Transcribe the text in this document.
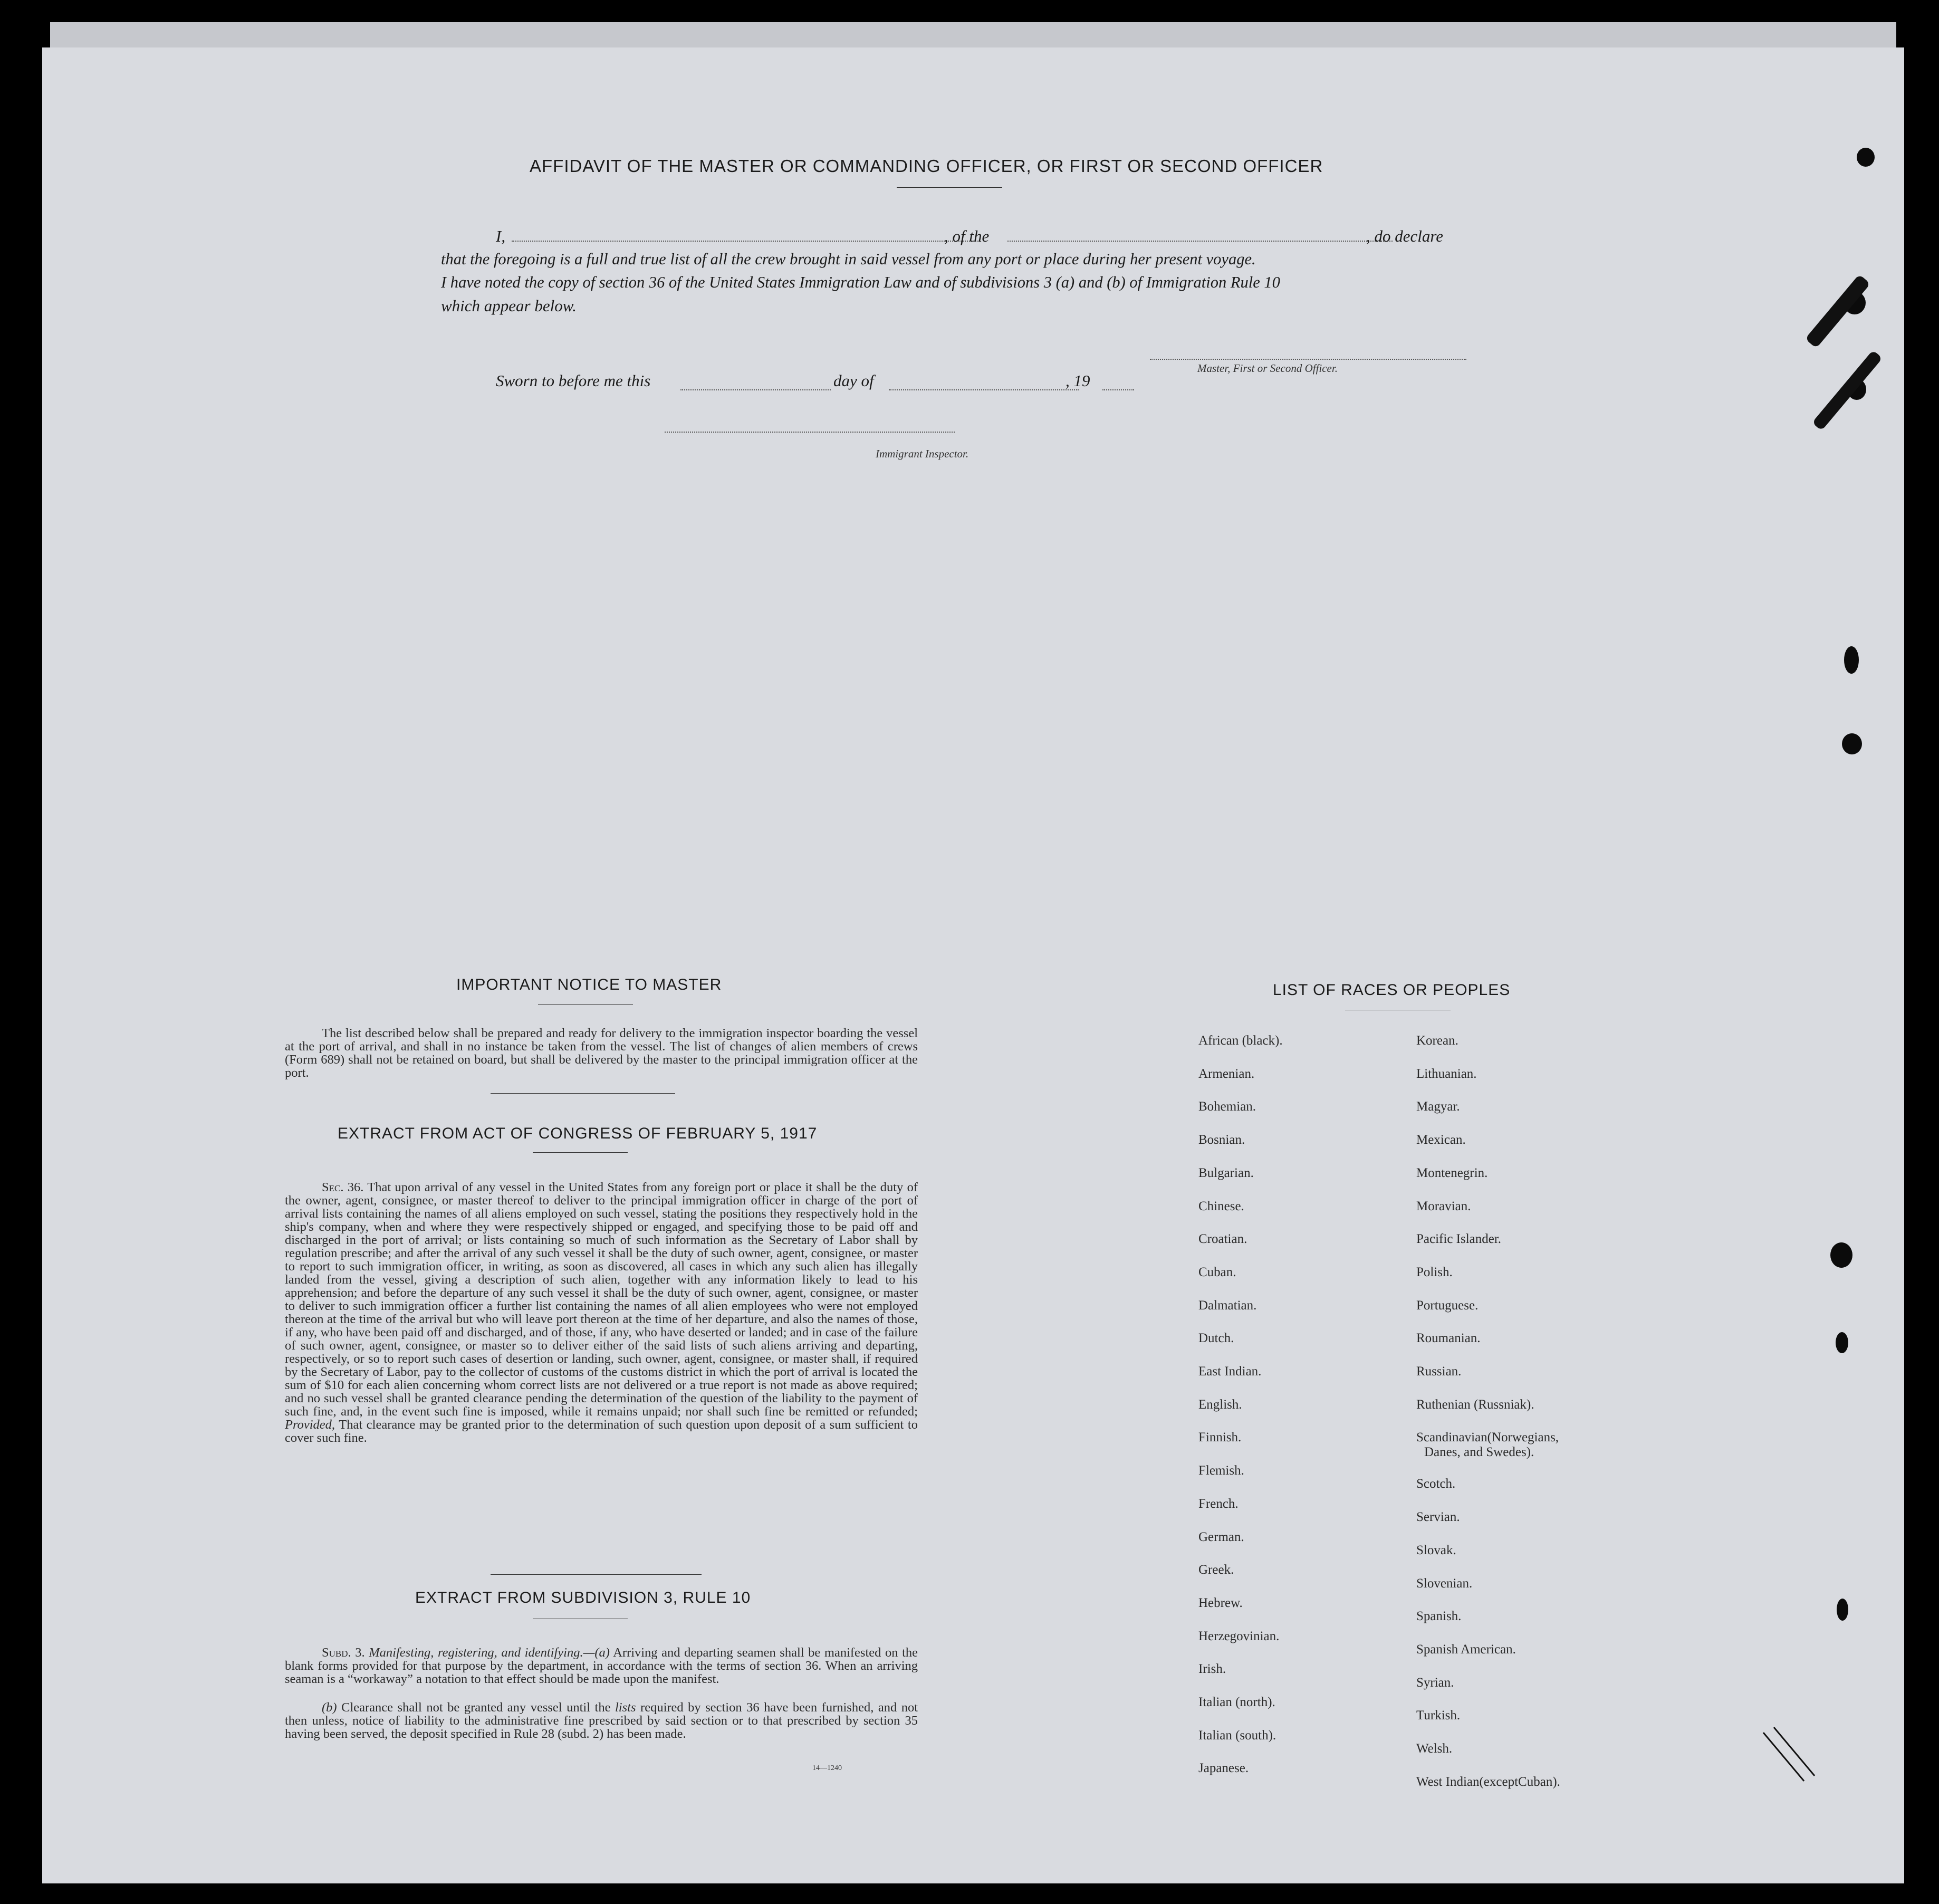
AFFIDAVIT OF THE MASTER OR COMMANDING OFFICER, OR FIRST OR SECOND OFFICER
I,	, of the	, do declare
that the foregoing is a full and true list of all the crew brought in said vessel from any port or place during her present voyage.
I have noted the copy of section 36 of the United States Immigration Law and of subdivisions 3 (a) and (b) of Immigration Rule 10
which appear below.
Master, First or Second Officer.
Sworn to before me this	day of	, 19
Immigrant Inspector.
IMPORTANT NOTICE TO MASTER
The list described below shall be prepared and ready for delivery to the immigration inspector boarding the vessel at the port of arrival, and shall in no instance be taken from the vessel. The list of changes of alien members of crews (Form 689) shall not be retained on board, but shall be delivered by the master to the principal immigration officer at the port.
EXTRACT FROM ACT OF CONGRESS OF FEBRUARY 5, 1917
Sec. 36. That upon arrival of any vessel in the United States from any foreign port or place it shall be the duty of the owner, agent, consignee, or master thereof to deliver to the principal immigration officer in charge of the port of arrival lists containing the names of all aliens employed on such vessel, stating the positions they respectively hold in the ship's company, when and where they were respectively shipped or engaged, and specifying those to be paid off and discharged in the port of arrival; or lists containing so much of such information as the Secretary of Labor shall by regulation prescribe; and after the arrival of any such vessel it shall be the duty of such owner, agent, consignee, or master to report to such immigration officer, in writing, as soon as discovered, all cases in which any such alien has illegally landed from the vessel, giving a description of such alien, together with any information likely to lead to his apprehension; and before the departure of any such vessel it shall be the duty of such owner, agent, consignee, or master to deliver to such immigration officer a further list containing the names of all alien employees who were not employed thereon at the time of the arrival but who will leave port thereon at the time of her departure, and also the names of those, if any, who have been paid off and discharged, and of those, if any, who have deserted or landed; and in case of the failure of such owner, agent, consignee, or master so to deliver either of the said lists of such aliens arriving and departing, respectively, or so to report such cases of desertion or landing, such owner, agent, consignee, or master shall, if required by the Secretary of Labor, pay to the collector of customs of the customs district in which the port of arrival is located the sum of $10 for each alien concerning whom correct lists are not delivered or a true report is not made as above required; and no such vessel shall be granted clearance pending the determination of the question of the liability to the payment of such fine, and, in the event such fine is imposed, while it remains unpaid; nor shall such fine be remitted or refunded; Provided, That clearance may be granted prior to the determination of such question upon deposit of a sum sufficient to cover such fine.
EXTRACT FROM SUBDIVISION 3, RULE 10
Subd. 3. Manifesting, registering, and identifying.—(a) Arriving and departing seamen shall be manifested on the blank forms provided for that purpose by the department, in accordance with the terms of section 36. When an arriving seaman is a “workaway” a notation to that effect should be made upon the manifest.
(b) Clearance shall not be granted any vessel until the lists required by section 36 have been furnished, and not then unless, notice of liability to the administrative fine prescribed by said section or to that prescribed by section 35 having been served, the deposit specified in Rule 28 (subd. 2) has been made.
14—1240
LIST OF RACES OR PEOPLES
African (black).
Armenian.
Bohemian.
Bosnian.
Bulgarian.
Chinese.
Croatian.
Cuban.
Dalmatian.
Dutch.
East Indian.
English.
Finnish.
Flemish.
French.
German.
Greek.
Hebrew.
Herzegovinian.
Irish.
Italian (north).
Italian (south).
Japanese.
Korean.
Lithuanian.
Magyar.
Mexican.
Montenegrin.
Moravian.
Pacific Islander.
Polish.
Portuguese.
Roumanian.
Russian.
Ruthenian (Russniak).
Scandinavian(Norwegians,
Danes, and Swedes).
Scotch.
Servian.
Slovak.
Slovenian.
Spanish.
Spanish American.
Syrian.
Turkish.
Welsh.
West Indian(exceptCuban).
